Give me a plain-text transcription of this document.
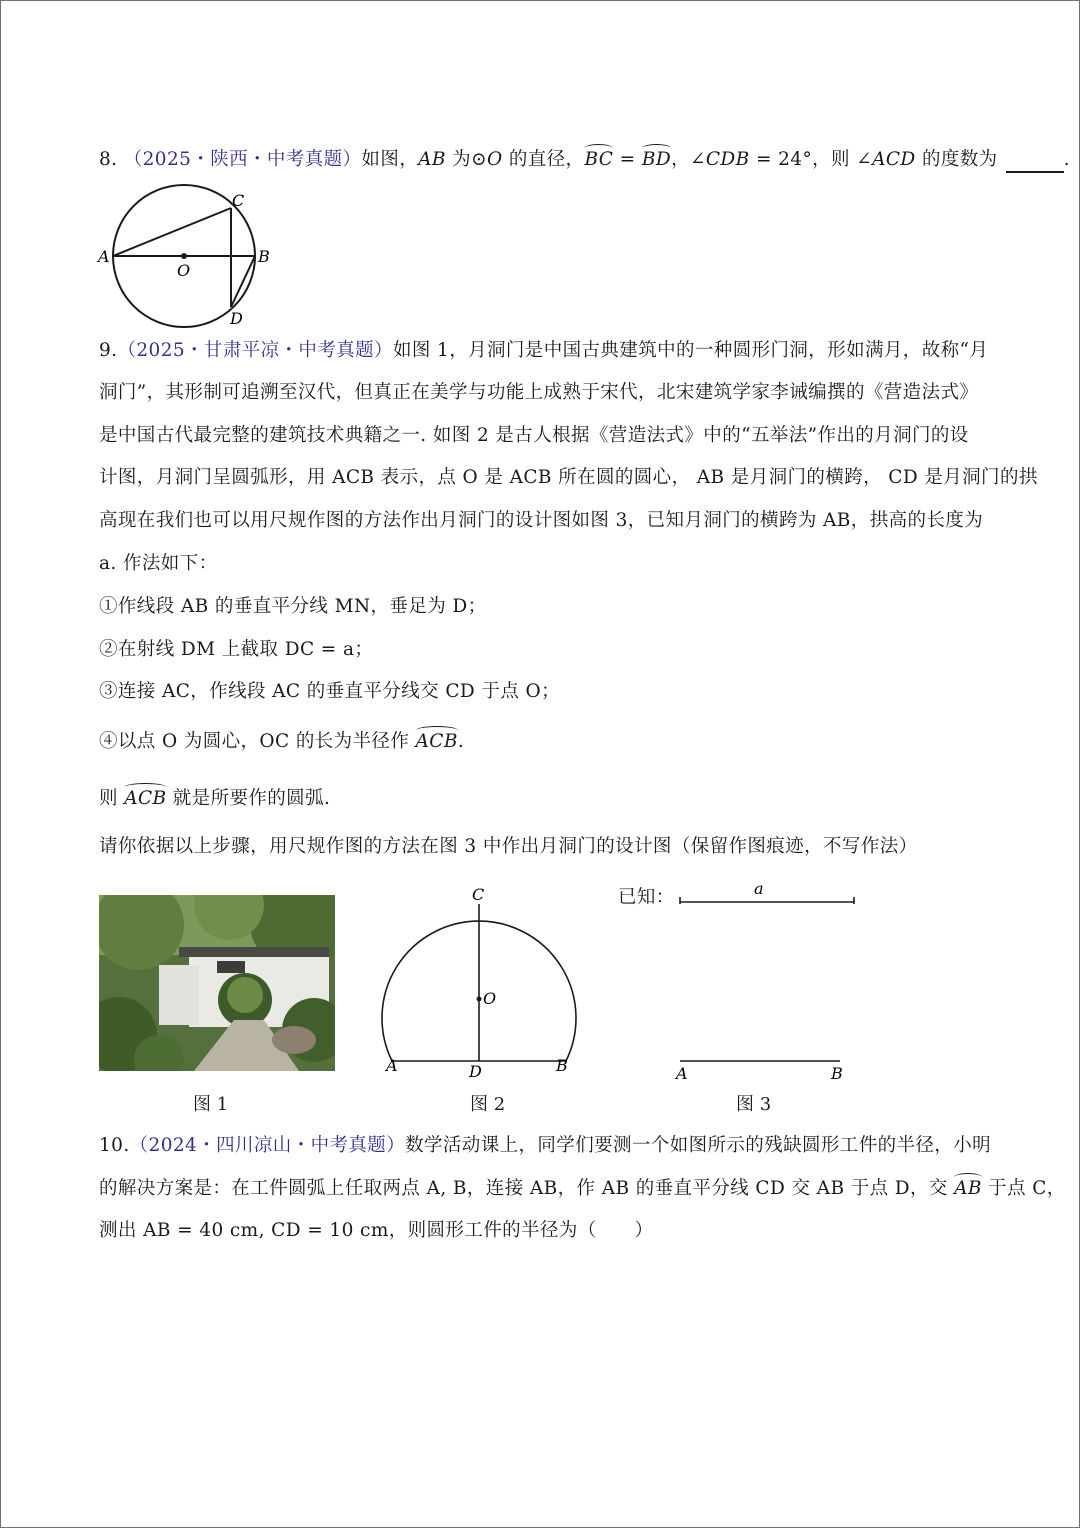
8. （2025・陕西・中考真题）如图，AB 为⊙O 的直径，BC = BD，∠CDB = 24°，则 ∠ACD 的度数为	.
A	B
C
D
O
9.（2025・甘肃平凉・中考真题）如图 1，月洞门是中国古典建筑中的一种圆形门洞，形如满月，故称“月
洞门”，其形制可追溯至汉代，但真正在美学与功能上成熟于宋代，北宋建筑学家李诫编撰的《营造法式》
是中国古代最完整的建筑技术典籍之一. 如图 2 是古人根据《营造法式》中的“五举法”作出的月洞门的设
计图，月洞门呈圆弧形，用 ACB 表示，点 O 是 ACB 所在圆的圆心， AB 是月洞门的横跨， CD 是月洞门的拱
高现在我们也可以用尺规作图的方法作出月洞门的设计图如图 3，已知月洞门的横跨为 AB，拱高的长度为
a. 作法如下：
①作线段 AB 的垂直平分线 MN，垂足为 D；
②在射线 DM 上截取 DC = a；
③连接 AC，作线段 AC 的垂直平分线交 CD 于点 O；
④以点 O 为圆心，OC 的长为半径作 ACB.
则 ACB 就是所要作的圆弧.
请你依据以上步骤，用尺规作图的方法在图 3 中作出月洞门的设计图（保留作图痕迹，不写作法）
C
O
A	D	B
已知：	a
A	B
图 1	图 2	图 3
10.（2024・四川凉山・中考真题）数学活动课上，同学们要测一个如图所示的残缺圆形工件的半径，小明
的解决方案是：在工件圆弧上任取两点 A, B，连接 AB，作 AB 的垂直平分线 CD 交 AB 于点 D，交 AB 于点 C，
测出 AB = 40 cm, CD = 10 cm，则圆形工件的半径为（　　）
